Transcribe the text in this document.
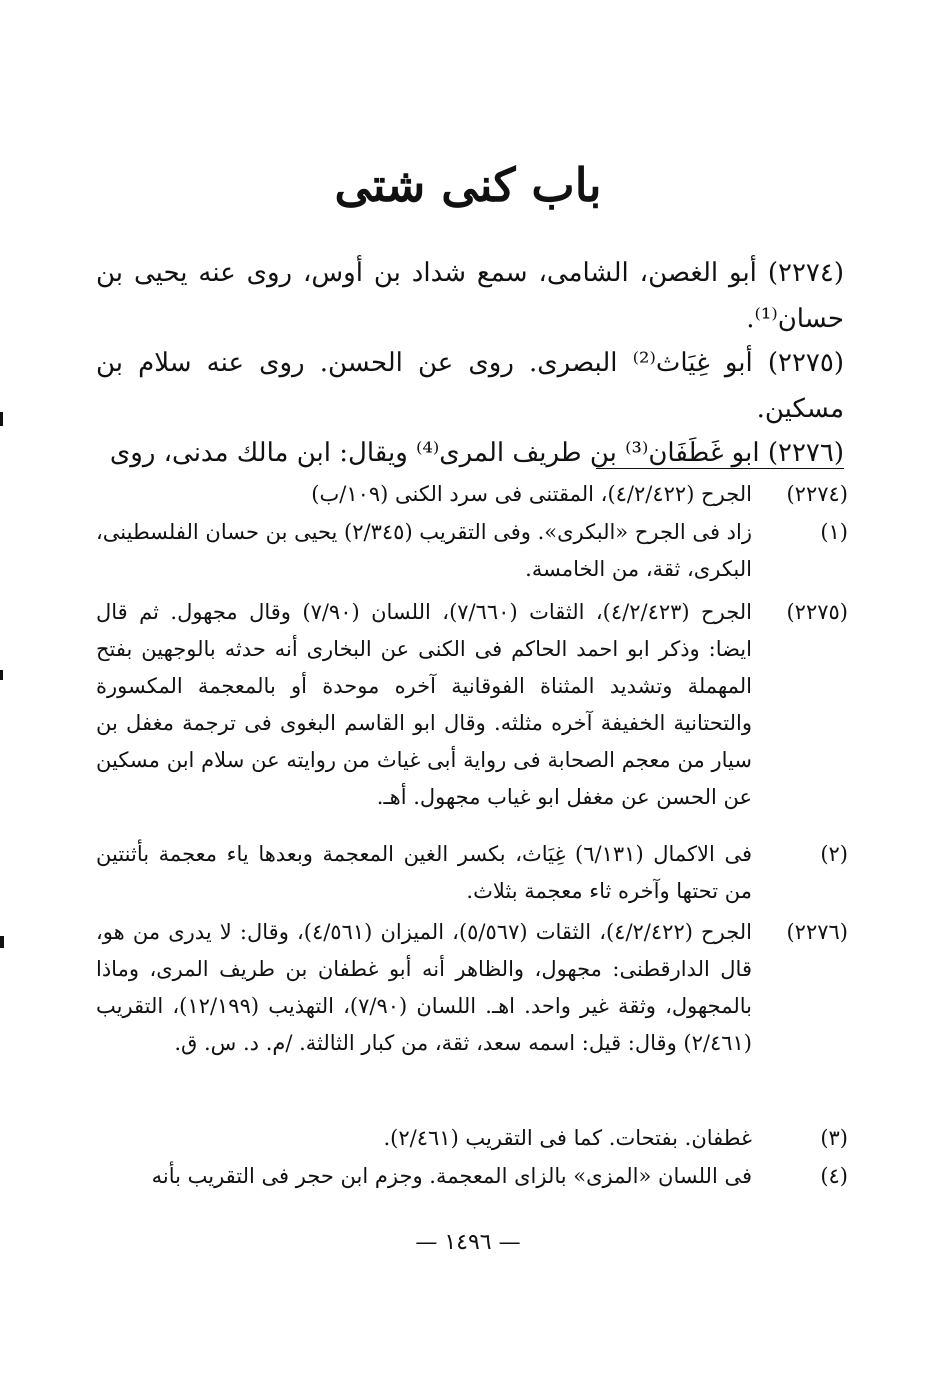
باب كنى شتى
(٢٢٧٤) أبو الغصن، الشامى، سمع شداد بن أوس، روى عنه يحيى بن حسان⁽¹⁾.
(٢٢٧٥) أبو غِيَاث⁽²⁾ البصرى. روى عن الحسن. روى عنه سلام بن مسكين.
(٢٢٧٦) ابو غَطَفَان⁽³⁾ بن طريف المرى⁽⁴⁾ ويقال: ابن مالك مدنى، روى
(٢٢٧٤)
الجرح (٤/٢/٤٢٢)، المقتنى فى سرد الكنى (١٠٩/ب)
(١)
زاد فى الجرح «البكرى». وفى التقريب (٢/٣٤٥) يحيى بن حسان الفلسطينى، البكرى، ثقة، من الخامسة.
(٢٢٧٥)
الجرح (٤/٢/٤٢٣)، الثقات (٧/٦٦٠)، اللسان (٧/٩٠) وقال مجهول. ثم قال ايضا: وذكر ابو احمد الحاكم فى الكنى عن البخارى أنه حدثه بالوجهين بفتح المهملة وتشديد المثناة الفوقانية آخره موحدة أو بالمعجمة المكسورة والتحتانية الخفيفة آخره مثلثه. وقال ابو القاسم البغوى فى ترجمة مغفل بن سيار من معجم الصحابة فى رواية أبى غياث من روايته عن سلام ابن مسكين عن الحسن عن مغفل ابو غياب مجهول. أهـ.
(٢)
فى الاكمال (٦/١٣١) غِيَاث، بكسر الغين المعجمة وبعدها ياء معجمة بأثنتين من تحتها وآخره ثاء معجمة بثلاث.
(٢٢٧٦)
الجرح (٤/٢/٤٢٢)، الثقات (٥/٥٦٧)، الميزان (٤/٥٦١)، وقال: لا يدرى من هو، قال الدارقطنى: مجهول، والظاهر أنه أبو غطفان بن طريف المرى، وماذا بالمجهول، وثقة غير واحد. اهـ. اللسان (٧/٩٠)، التهذيب (١٢/١٩٩)، التقريب (٢/٤٦١) وقال: قيل: اسمه سعد، ثقة، من كبار الثالثة. /م. د. س. ق.
(٣)
غطفان. بفتحات. كما فى التقريب (٢/٤٦١).
(٤)
فى اللسان «المزى» بالزاى المعجمة. وجزم ابن حجر فى التقريب بأنه
— ١٤٩٦ —
